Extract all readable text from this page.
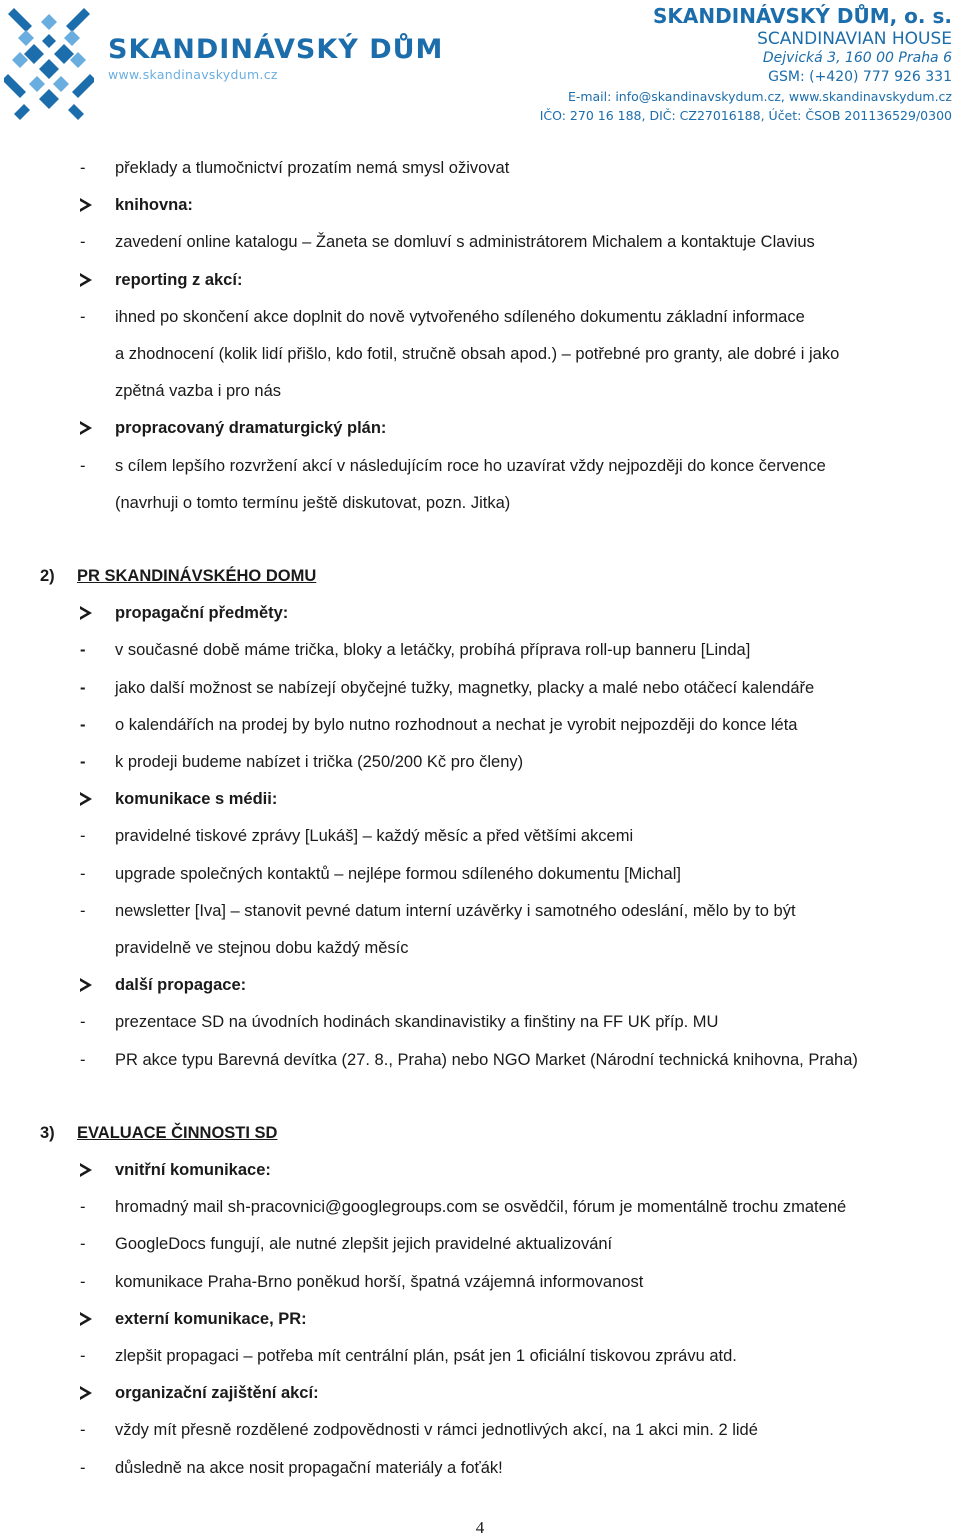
SKANDINÁVSKÝ DŮM
www.skandinavskydum.cz
SKANDINÁVSKÝ DŮM, o. s.
SCANDINAVIAN HOUSE
Dejvická 3, 160 00 Praha 6
GSM: (+420) 777 926 331
E-mail: info@skandinavskydum.cz, www.skandinavskydum.cz
IČO: 270 16 188, DIČ: CZ27016188, Účet: ČSOB 201136529/0300
-	překlady a tlumočnictví prozatím nemá smysl oživovat
knihovna:
-	zavedení online katalogu – Žaneta se domluví s administrátorem Michalem a kontaktuje Clavius
reporting z akcí:
-	ihned po skončení akce doplnit do nově vytvořeného sdíleného dokumentu základní informace
a zhodnocení (kolik lidí přišlo, kdo fotil, stručně obsah apod.) – potřebné pro granty, ale dobré i jako
zpětná vazba i pro nás
propracovaný dramaturgický plán:
-	s cílem lepšího rozvržení akcí v následujícím roce ho uzavírat vždy nejpozději do konce července
(navrhuji o tomto termínu ještě diskutovat, pozn. Jitka)
2) PR SKANDINÁVSKÉHO DOMU
propagační předměty:
-	v současné době máme trička, bloky a letáčky, probíhá příprava roll-up banneru [Linda]
-	jako další možnost se nabízejí obyčejné tužky, magnetky, placky a malé nebo otáčecí kalendáře
-	o kalendářích na prodej by bylo nutno rozhodnout a nechat je vyrobit nejpozději do konce léta
-	k prodeji budeme nabízet i trička (250/200 Kč pro členy)
komunikace s médii:
-	pravidelné tiskové zprávy [Lukáš] – každý měsíc a před většími akcemi
-	upgrade společných kontaktů – nejlépe formou sdíleného dokumentu [Michal]
-	newsletter [Iva] – stanovit pevné datum interní uzávěrky i samotného odeslání, mělo by to být
pravidelně ve stejnou dobu každý měsíc
další propagace:
-	prezentace SD na úvodních hodinách skandinavistiky a finštiny na FF UK příp. MU
-	PR akce typu Barevná devítka (27. 8., Praha) nebo NGO Market (Národní technická knihovna, Praha)
3) EVALUACE ČINNOSTI SD
vnitřní komunikace:
-	hromadný mail sh-pracovnici@googlegroups.com se osvědčil, fórum je momentálně trochu zmatené
-	GoogleDocs fungují, ale nutné zlepšit jejich pravidelné aktualizování
-	komunikace Praha-Brno poněkud horší, špatná vzájemná informovanost
externí komunikace, PR:
-	zlepšit propagaci – potřeba mít centrální plán, psát jen 1 oficiální tiskovou zprávu atd.
organizační zajištění akcí:
-	vždy mít přesně rozdělené zodpovědnosti v rámci jednotlivých akcí, na 1 akci min. 2 lidé
-	důsledně na akce nosit propagační materiály a foťák!
4
